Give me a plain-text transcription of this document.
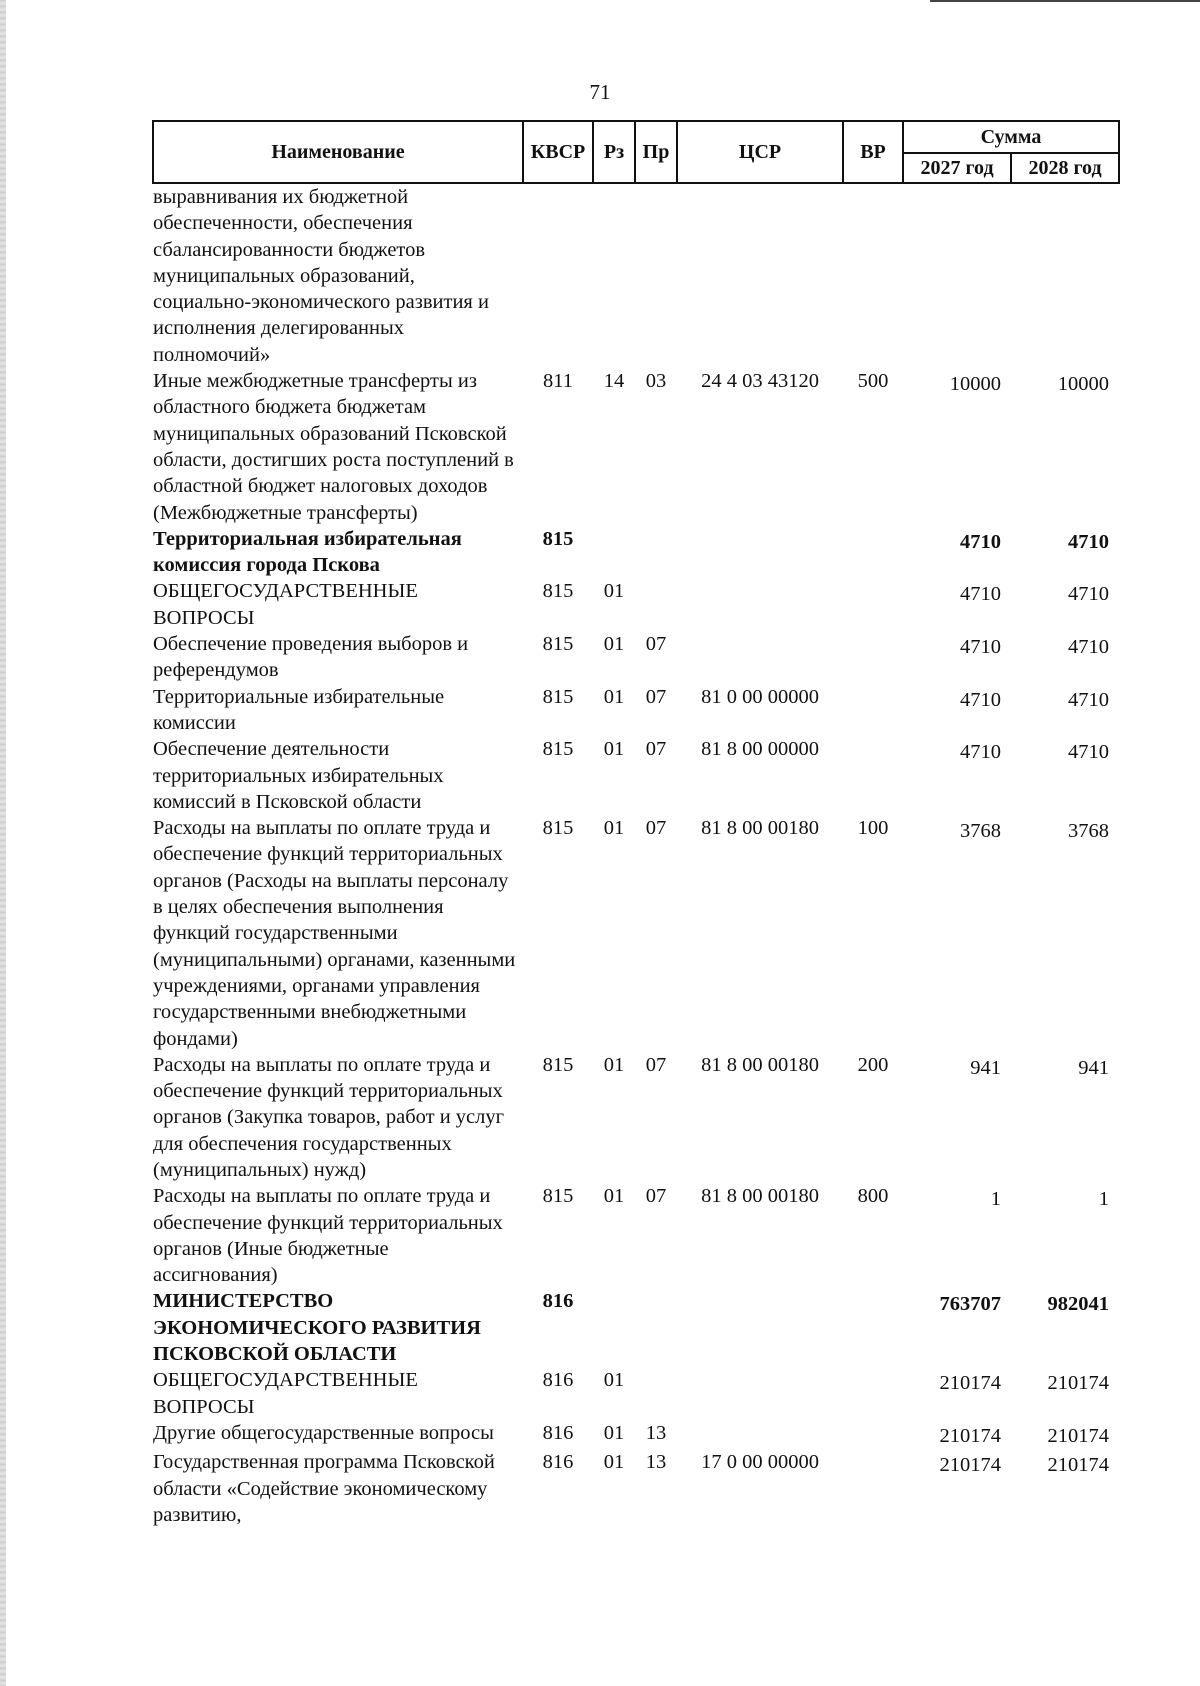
71
Наименование	КВСР	Рз	Пр	ЦСР	ВР	Сумма	
						2027 год	2028 год
выравнивания их бюджетной обеспеченности, обеспечения сбалансированности бюджетов муниципальных образований, социально-экономического развития и исполнения делегированных полномочий»							
Иные межбюджетные трансферты из областного бюджета бюджетам муниципальных образований Псковской области, достигших роста поступлений в областной бюджет налоговых доходов (Межбюджетные трансферты)	811	14	03	24 4 03 43120	500	10000	10000
Территориальная избирательная комиссия города Пскова	815					4710	4710
ОБЩЕГОСУДАРСТВЕННЫЕ ВОПРОСЫ	815	01				4710	4710
Обеспечение проведения выборов и референдумов	815	01	07			4710	4710
Территориальные избирательные комиссии	815	01	07	81 0 00 00000		4710	4710
Обеспечение деятельности территориальных избирательных комиссий в Псковской области	815	01	07	81 8 00 00000		4710	4710
Расходы на выплаты по оплате труда и обеспечение функций территориальных органов (Расходы на выплаты персоналу в целях обеспечения выполнения функций государственными (муниципальными) органами, казенными учреждениями, органами управления государственными внебюджетными фондами)	815	01	07	81 8 00 00180	100	3768	3768
Расходы на выплаты по оплате труда и обеспечение функций территориальных органов (Закупка товаров, работ и услуг для обеспечения государственных (муниципальных) нужд)	815	01	07	81 8 00 00180	200	941	941
Расходы на выплаты по оплате труда и обеспечение функций территориальных органов (Иные бюджетные ассигнования)	815	01	07	81 8 00 00180	800	1	1
МИНИСТЕРСТВО ЭКОНОМИЧЕСКОГО РАЗВИТИЯ ПСКОВСКОЙ ОБЛАСТИ	816					763707	982041
ОБЩЕГОСУДАРСТВЕННЫЕ ВОПРОСЫ	816	01				210174	210174
Другие общегосударственные вопросы	816	01	13			210174	210174
Государственная программа Псковской области «Содействие экономическому развитию,	816	01	13	17 0 00 00000		210174	210174
